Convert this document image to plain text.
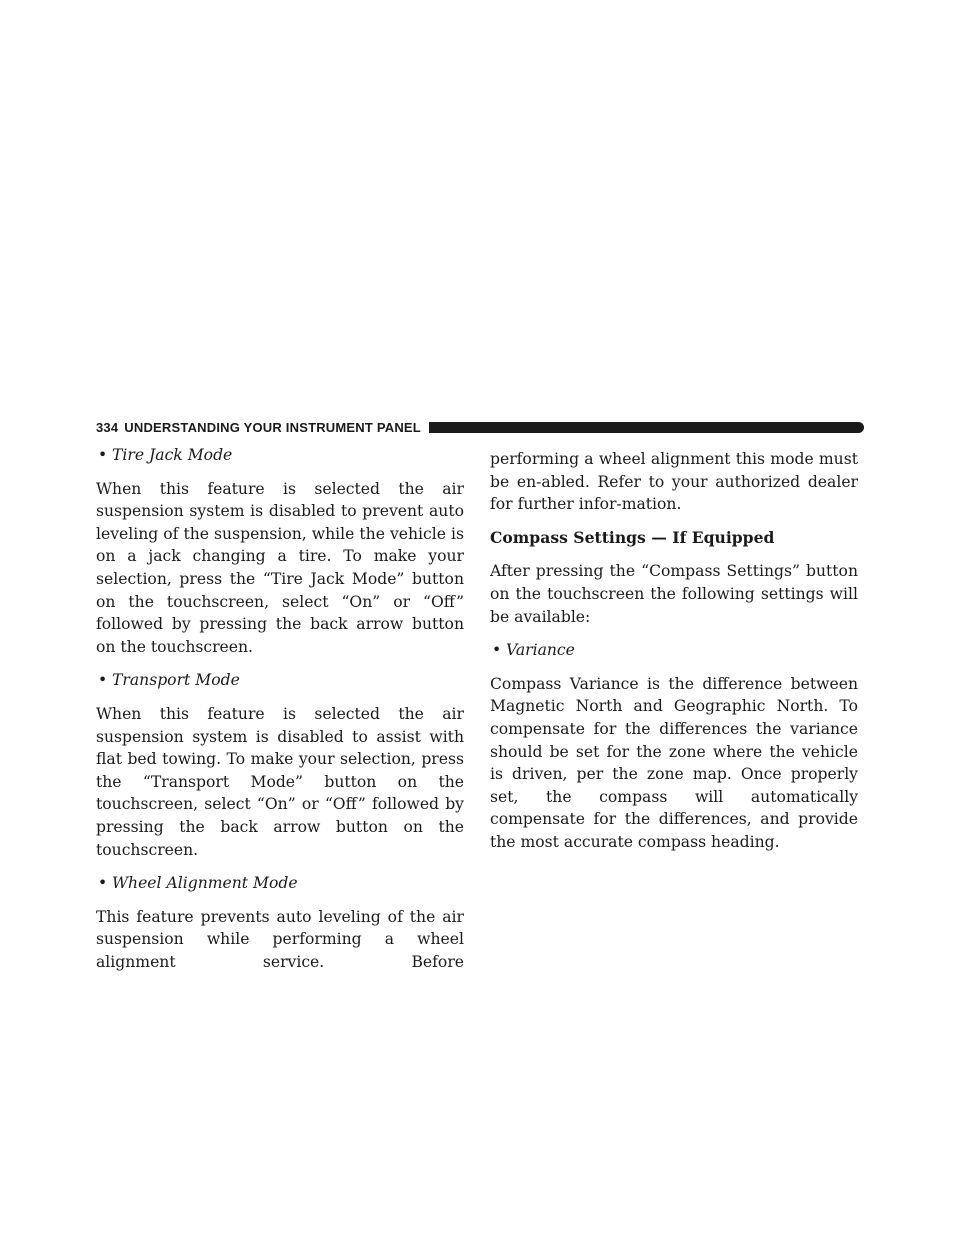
334 UNDERSTANDING YOUR INSTRUMENT PANEL
• Tire Jack Mode

When this feature is selected the air suspension system is disabled to prevent auto leveling of the suspension, while the vehicle is on a jack changing a tire. To make your selection, press the “Tire Jack Mode” button on the touchscreen, select “On” or “Off” followed by pressing the back arrow button on the touchscreen.

• Transport Mode

When this feature is selected the air suspension system is disabled to assist with flat bed towing. To make your selection, press the “Transport Mode” button on the touchscreen, select “On” or “Off” followed by pressing the back arrow button on the touchscreen.

• Wheel Alignment Mode

This feature prevents auto leveling of the air suspension while performing a wheel alignment service. Before

performing a wheel alignment this mode must be en-abled. Refer to your authorized dealer for further infor-mation.

Compass Settings — If Equipped

After pressing the “Compass Settings” button on the touchscreen the following settings will be available:

• Variance

Compass Variance is the difference between Magnetic North and Geographic North. To compensate for the differences the variance should be set for the zone where the vehicle is driven, per the zone map. Once properly set, the compass will automatically compensate for the differences, and provide the most accurate compass heading.
